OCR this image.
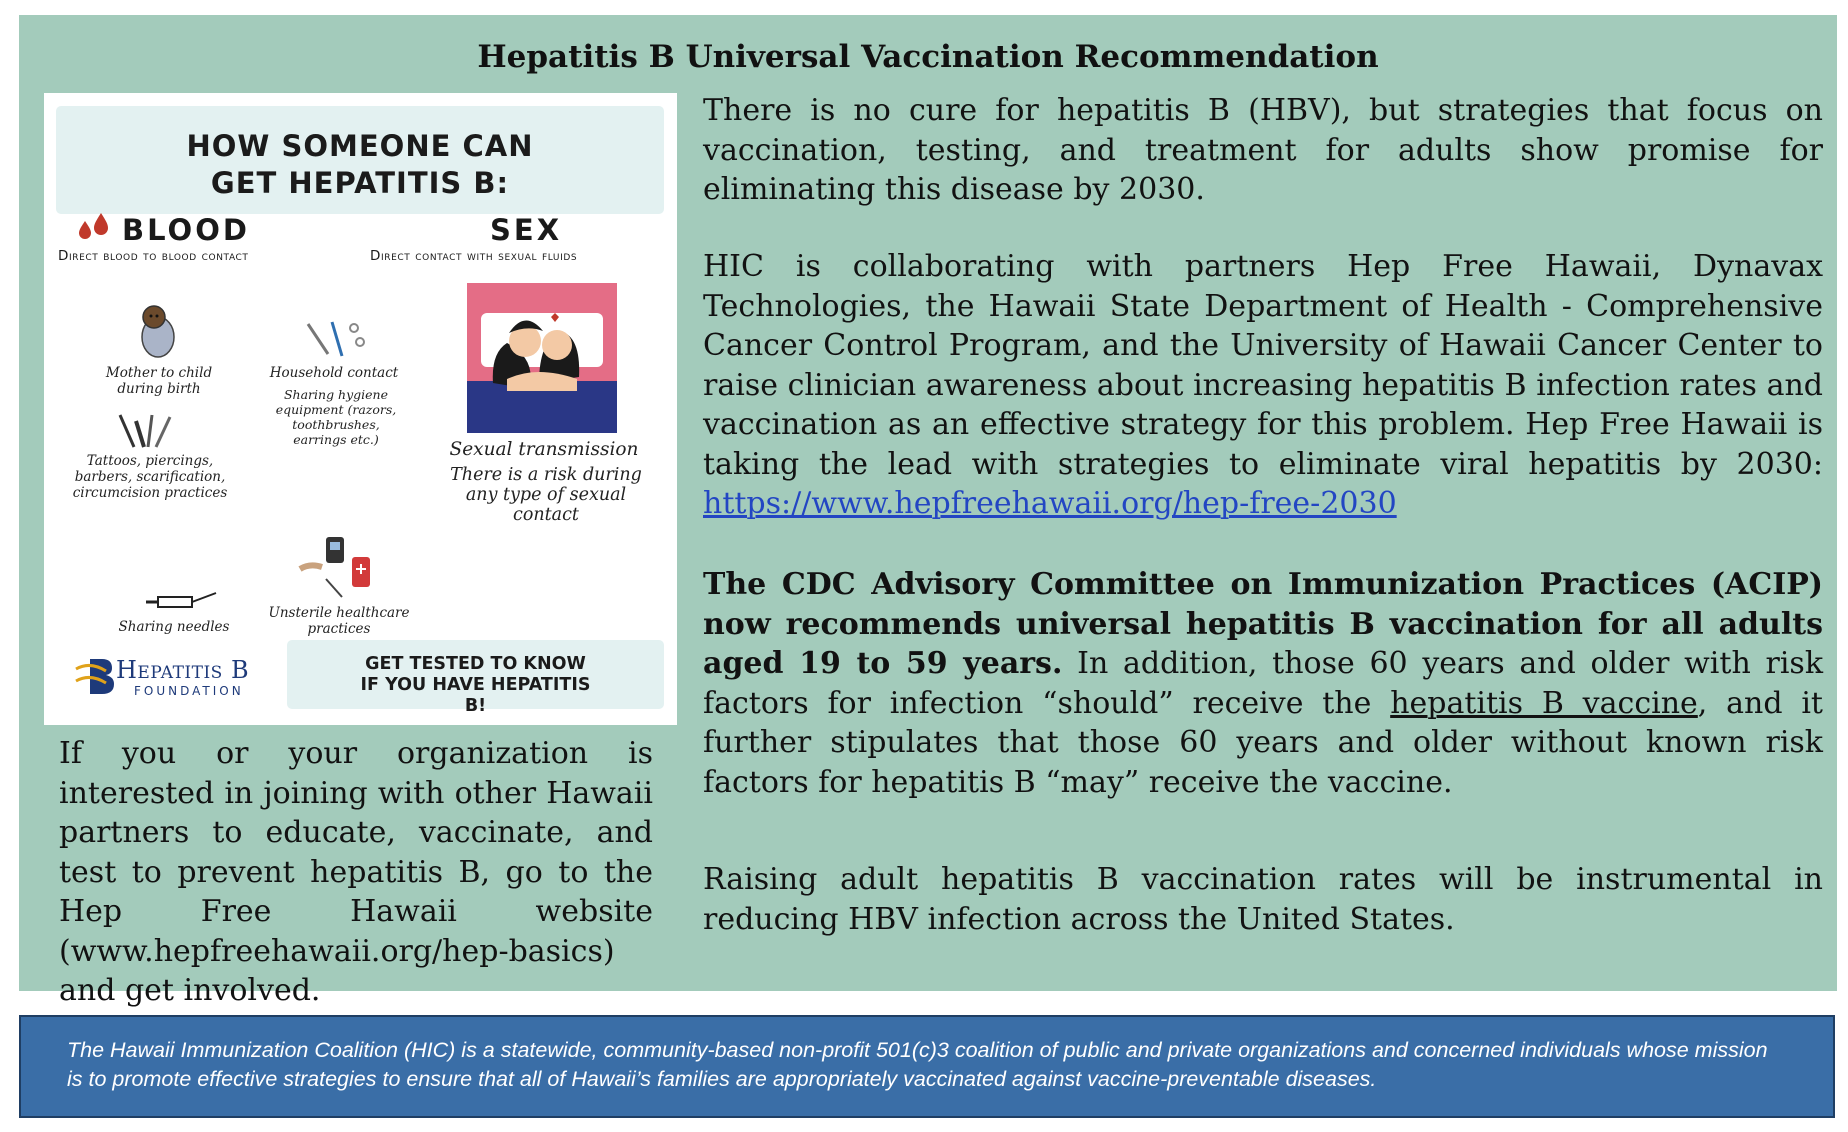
Hepatitis B Universal Vaccination Recommendation
HOW SOMEONE CAN GET HEPATITIS B:
BLOOD
Direct blood to blood contact
SEX
Direct contact with sexual fluids
Mother to child during birth
Household contact
Sharing hygiene equipment (razors, toothbrushes, earrings etc.)
Tattoos, piercings, barbers, scarification, circumcision practices
Sharing needles
Unsterile healthcare practices
Sexual transmission
There is a risk during any type of sexual contact
Hepatitis B
FOUNDATION
GET TESTED TO KNOW IF YOU HAVE HEPATITIS B!
If you or your organization is interested in joining with other Hawaii partners to educate, vaccinate, and test to prevent hepatitis B, go to the Hep Free Hawaii website (www.hepfreehawaii.org/hep-basics) and get involved.
There is no cure for hepatitis B (HBV), but strategies that focus on vaccination, testing, and treatment for adults show promise for eliminating this disease by 2030.
HIC is collaborating with partners Hep Free Hawaii, Dynavax Technologies, the Hawaii State Department of Health - Comprehensive Cancer Control Program, and the University of Hawaii Cancer Center to raise clinician awareness about increasing hepatitis B infection rates and vaccination as an effective strategy for this problem. Hep Free Hawaii is taking the lead with strategies to eliminate viral hepatitis by 2030: https://www.hepfreehawaii.org/hep-free-2030
The CDC Advisory Committee on Immunization Practices (ACIP) now recommends universal hepatitis B vaccination for all adults aged 19 to 59 years. In addition, those 60 years and older with risk factors for infection “should” receive the hepatitis B vaccine, and it further stipulates that those 60 years and older without known risk factors for hepatitis B “may” receive the vaccine.
Raising adult hepatitis B vaccination rates will be instrumental in reducing HBV infection across the United States.
The Hawaii Immunization Coalition (HIC) is a statewide, community-based non-profit 501(c)3 coalition of public and private organizations and concerned individuals whose mission is to promote effective strategies to ensure that all of Hawaii’s families are appropriately vaccinated against vaccine-preventable diseases.
